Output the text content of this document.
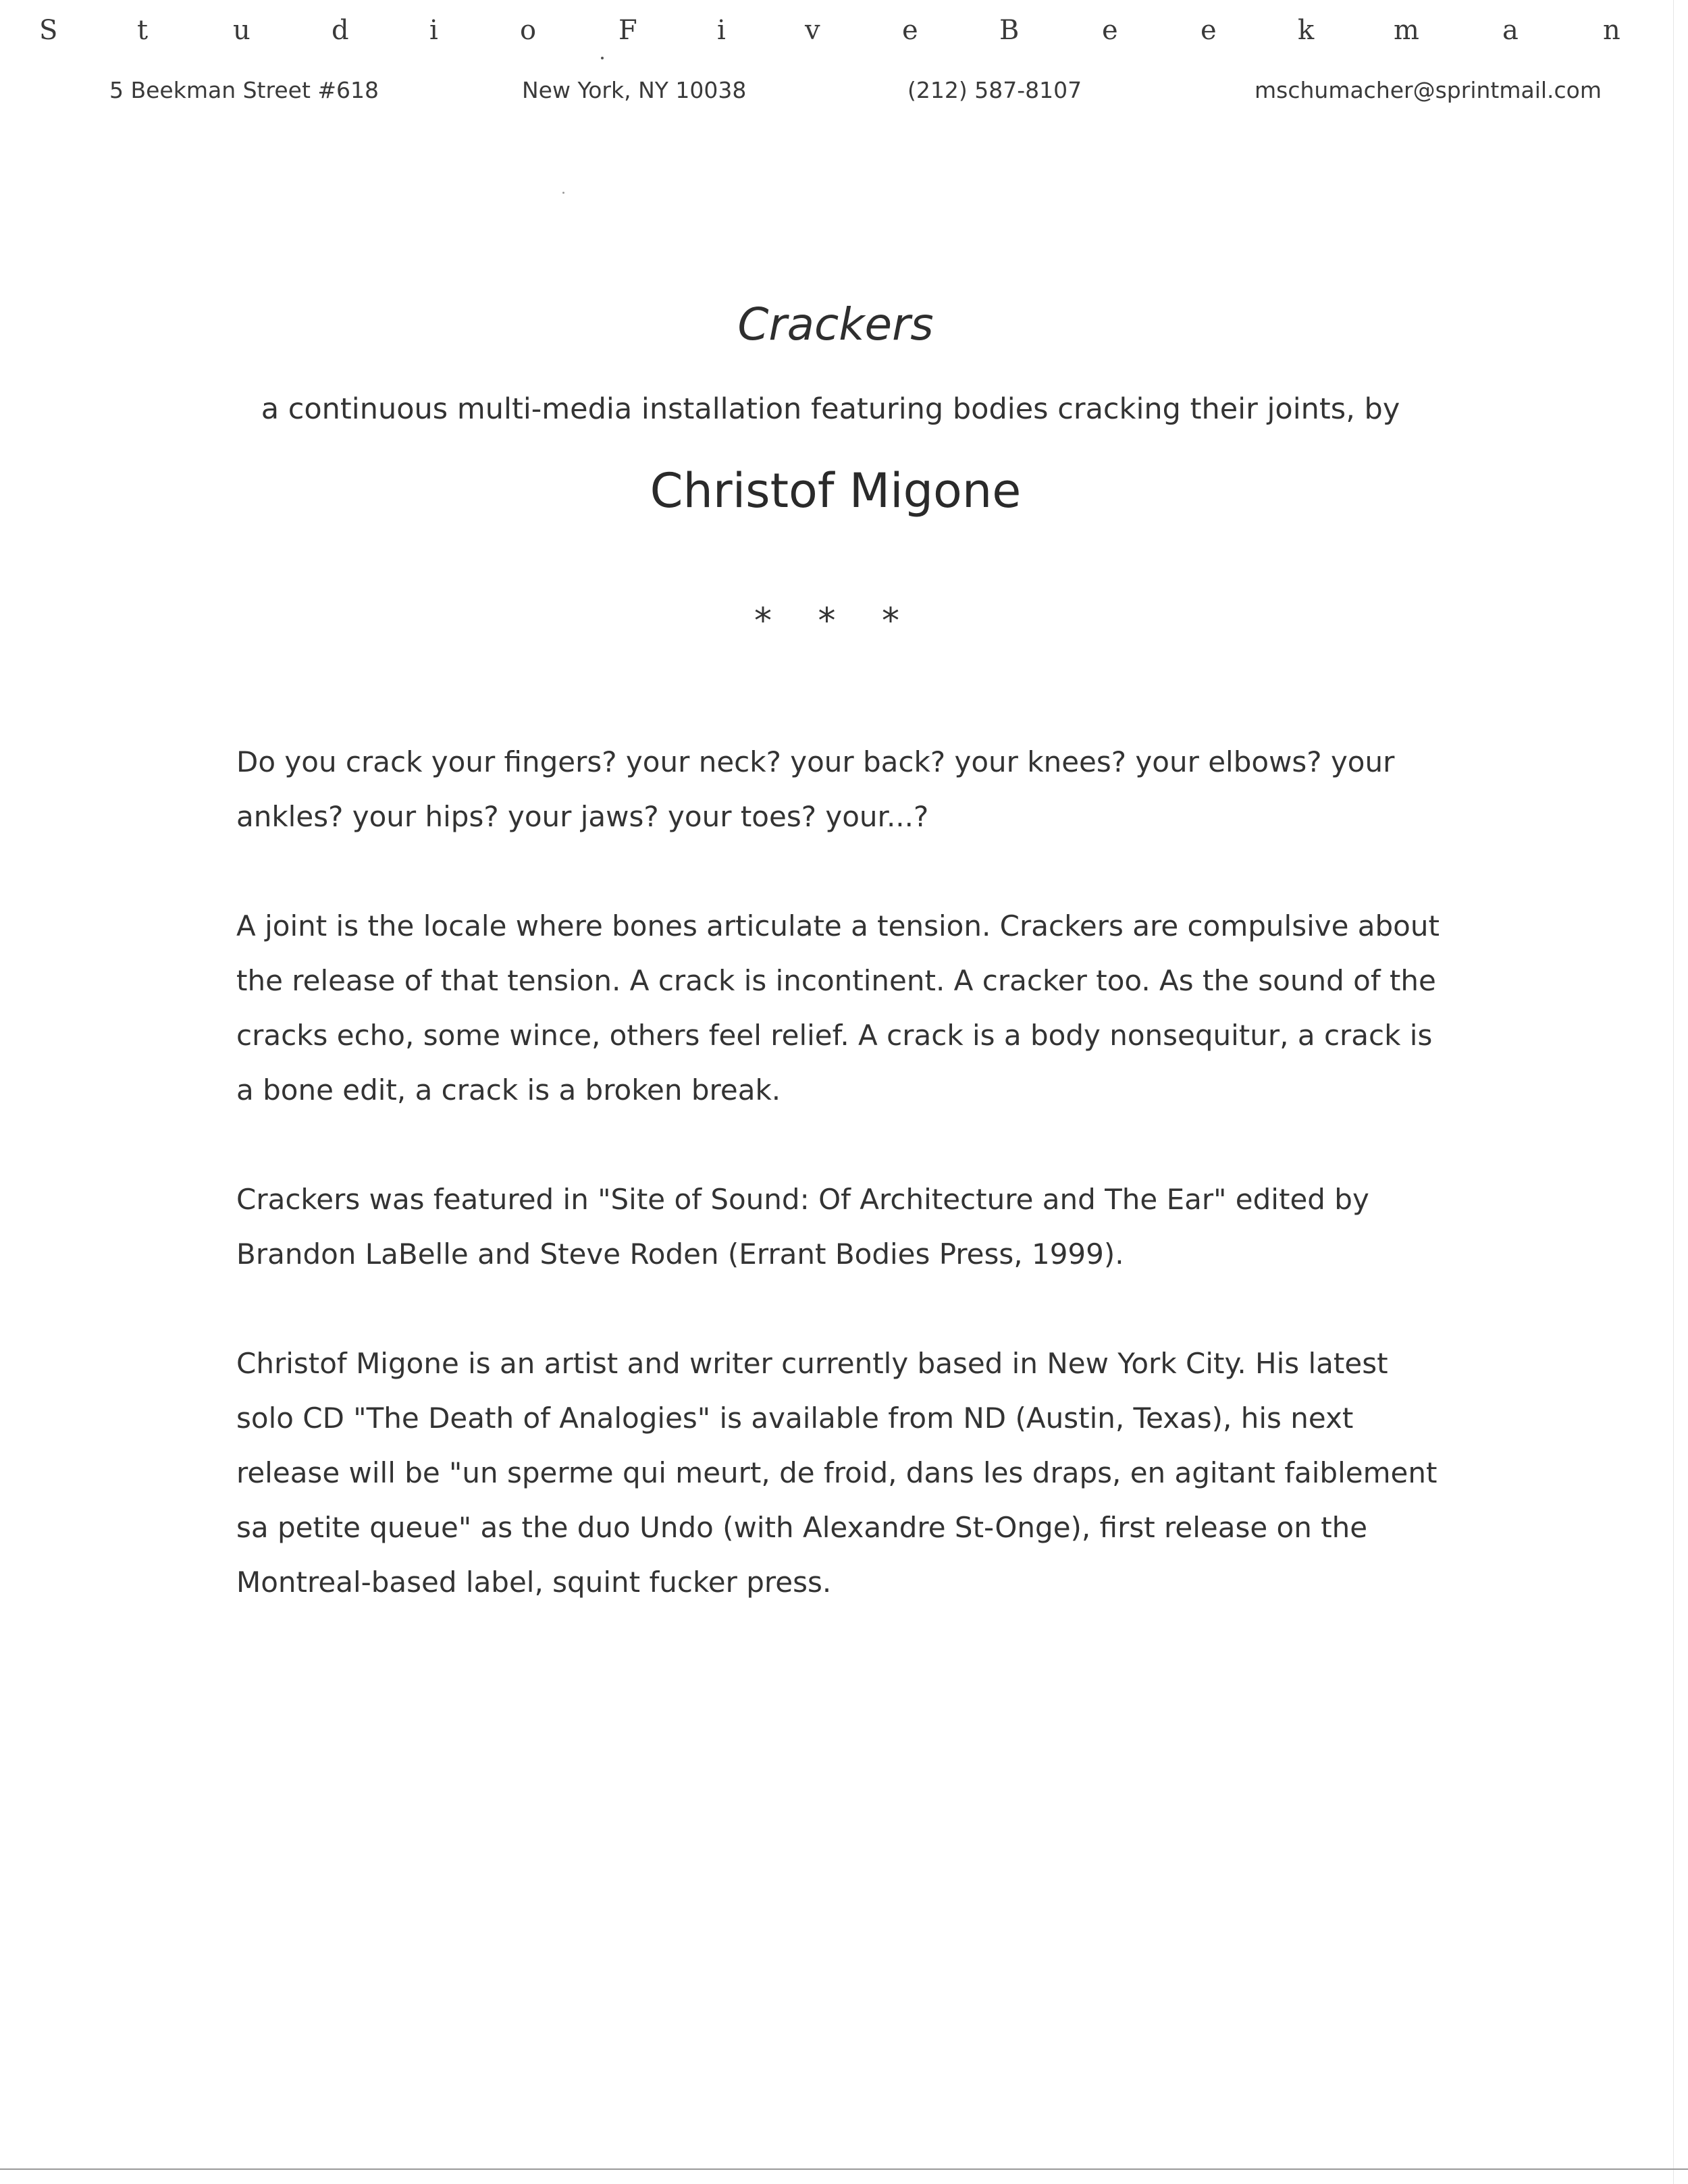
S	t	u	d	i	o	F	i	v	e	B	e	e	k	m	a	n
5 Beekman Street #618	New York, NY 10038	(212) 587-8107	mschumacher@sprintmail.com
Crackers
a continuous multi-media installation featuring bodies cracking their joints, by
Christof Migone
* * *

Do you crack your fingers? your neck? your back? your knees? your elbows? your ankles? your hips? your jaws? your toes? your...?

A joint is the locale where bones articulate a tension. Crackers are compulsive about the release of that tension. A crack is incontinent. A cracker too. As the sound of the cracks echo, some wince, others feel relief. A crack is a body nonsequitur, a crack is a bone edit, a crack is a broken break.

Crackers was featured in "Site of Sound: Of Architecture and The Ear" edited by Brandon LaBelle and Steve Roden (Errant Bodies Press, 1999).

Christof Migone is an artist and writer currently based in New York City. His latest solo CD "The Death of Analogies" is available from ND (Austin, Texas), his next release will be "un sperme qui meurt, de froid, dans les draps, en agitant faiblement sa petite queue" as the duo Undo (with Alexandre St-Onge), first release on the Montreal-based label, squint fucker press.
